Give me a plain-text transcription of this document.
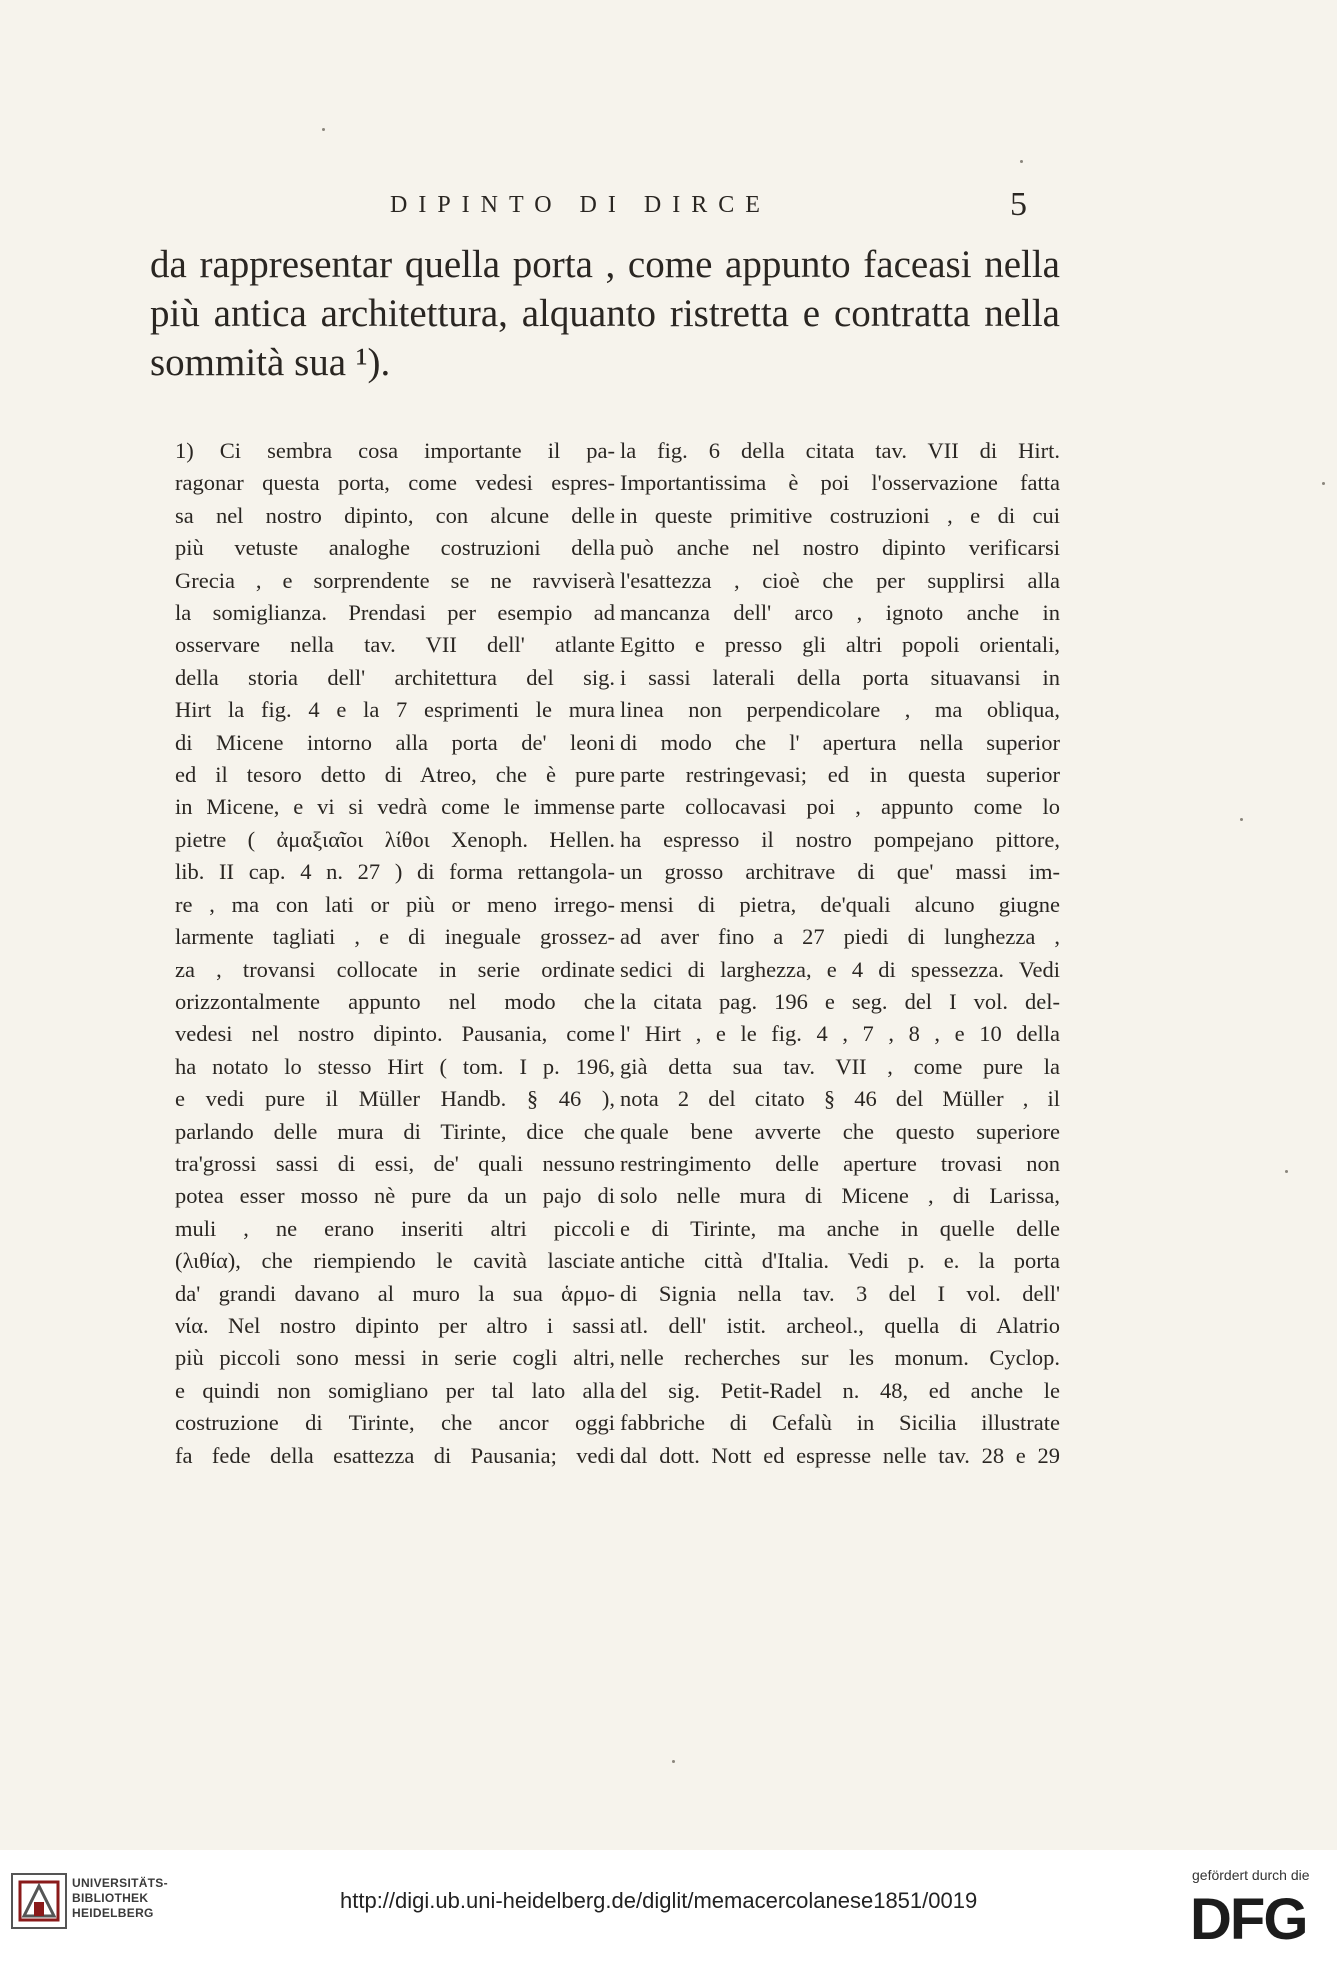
DIPINTO DI DIRCE	5
da rappresentar quella porta , come appunto faceasi nella
più antica architettura, alquanto ristretta e contratta nella
sommità sua ¹).
1) Ci sembra cosa importante il pa-
ragonar questa porta, come vedesi espres-
sa nel nostro dipinto, con alcune delle
più vetuste analoghe costruzioni della
Grecia , e sorprendente se ne ravviserà
la somiglianza. Prendasi per esempio ad
osservare nella tav. VII dell' atlante
della storia dell' architettura del sig.
Hirt la fig. 4 e la 7 esprimenti le mura
di Micene intorno alla porta de' leoni
ed il tesoro detto di Atreo, che è pure
in Micene, e vi si vedrà come le immense
pietre ( ἀμαξιαῖοι λίθοι Xenoph. Hellen.
lib. II cap. 4 n. 27 ) di forma rettangola-
re , ma con lati or più or meno irrego-
larmente tagliati , e di ineguale grossez-
za , trovansi collocate in serie ordinate
orizzontalmente appunto nel modo che
vedesi nel nostro dipinto. Pausania, come
ha notato lo stesso Hirt ( tom. I p. 196,
e vedi pure il Müller Handb. § 46 ),
parlando delle mura di Tirinte, dice che
tra'grossi sassi di essi, de' quali nessuno
potea esser mosso nè pure da un pajo di
muli , ne erano inseriti altri piccoli
(λιθία), che riempiendo le cavità lasciate
da' grandi davano al muro la sua ἁρμο-
νία. Nel nostro dipinto per altro i sassi
più piccoli sono messi in serie cogli altri,
e quindi non somigliano per tal lato alla
costruzione di Tirinte, che ancor oggi
fa fede della esattezza di Pausania; vedi
la fig. 6 della citata tav. VII di Hirt.
Importantissima è poi l'osservazione fatta
in queste primitive costruzioni , e di cui
può anche nel nostro dipinto verificarsi
l'esattezza , cioè che per supplirsi alla
mancanza dell' arco , ignoto anche in
Egitto e presso gli altri popoli orientali,
i sassi laterali della porta situavansi in
linea non perpendicolare , ma obliqua,
di modo che l' apertura nella superior
parte restringevasi; ed in questa superior
parte collocavasi poi , appunto come lo
ha espresso il nostro pompejano pittore,
un grosso architrave di que' massi im-
mensi di pietra, de'quali alcuno giugne
ad aver fino a 27 piedi di lunghezza ,
sedici di larghezza, e 4 di spessezza. Vedi
la citata pag. 196 e seg. del I vol. del-
l' Hirt , e le fig. 4 , 7 , 8 , e 10 della
già detta sua tav. VII , come pure la
nota 2 del citato § 46 del Müller , il
quale bene avverte che questo superiore
restringimento delle aperture trovasi non
solo nelle mura di Micene , di Larissa,
e di Tirinte, ma anche in quelle delle
antiche città d'Italia. Vedi p. e. la porta
di Signia nella tav. 3 del I vol. dell'
atl. dell' istit. archeol., quella di Alatrio
nelle recherches sur les monum. Cyclop.
del sig. Petit-Radel n. 48, ed anche le
fabbriche di Cefalù in Sicilia illustrate
dal dott. Nott ed espresse nelle tav. 28 e 29
UNIVERSITÄTS-
BIBLIOTHEK
HEIDELBERG	http://digi.ub.uni-heidelberg.de/diglit/memacercolanese1851/0019
gefördert durch die
DFG
